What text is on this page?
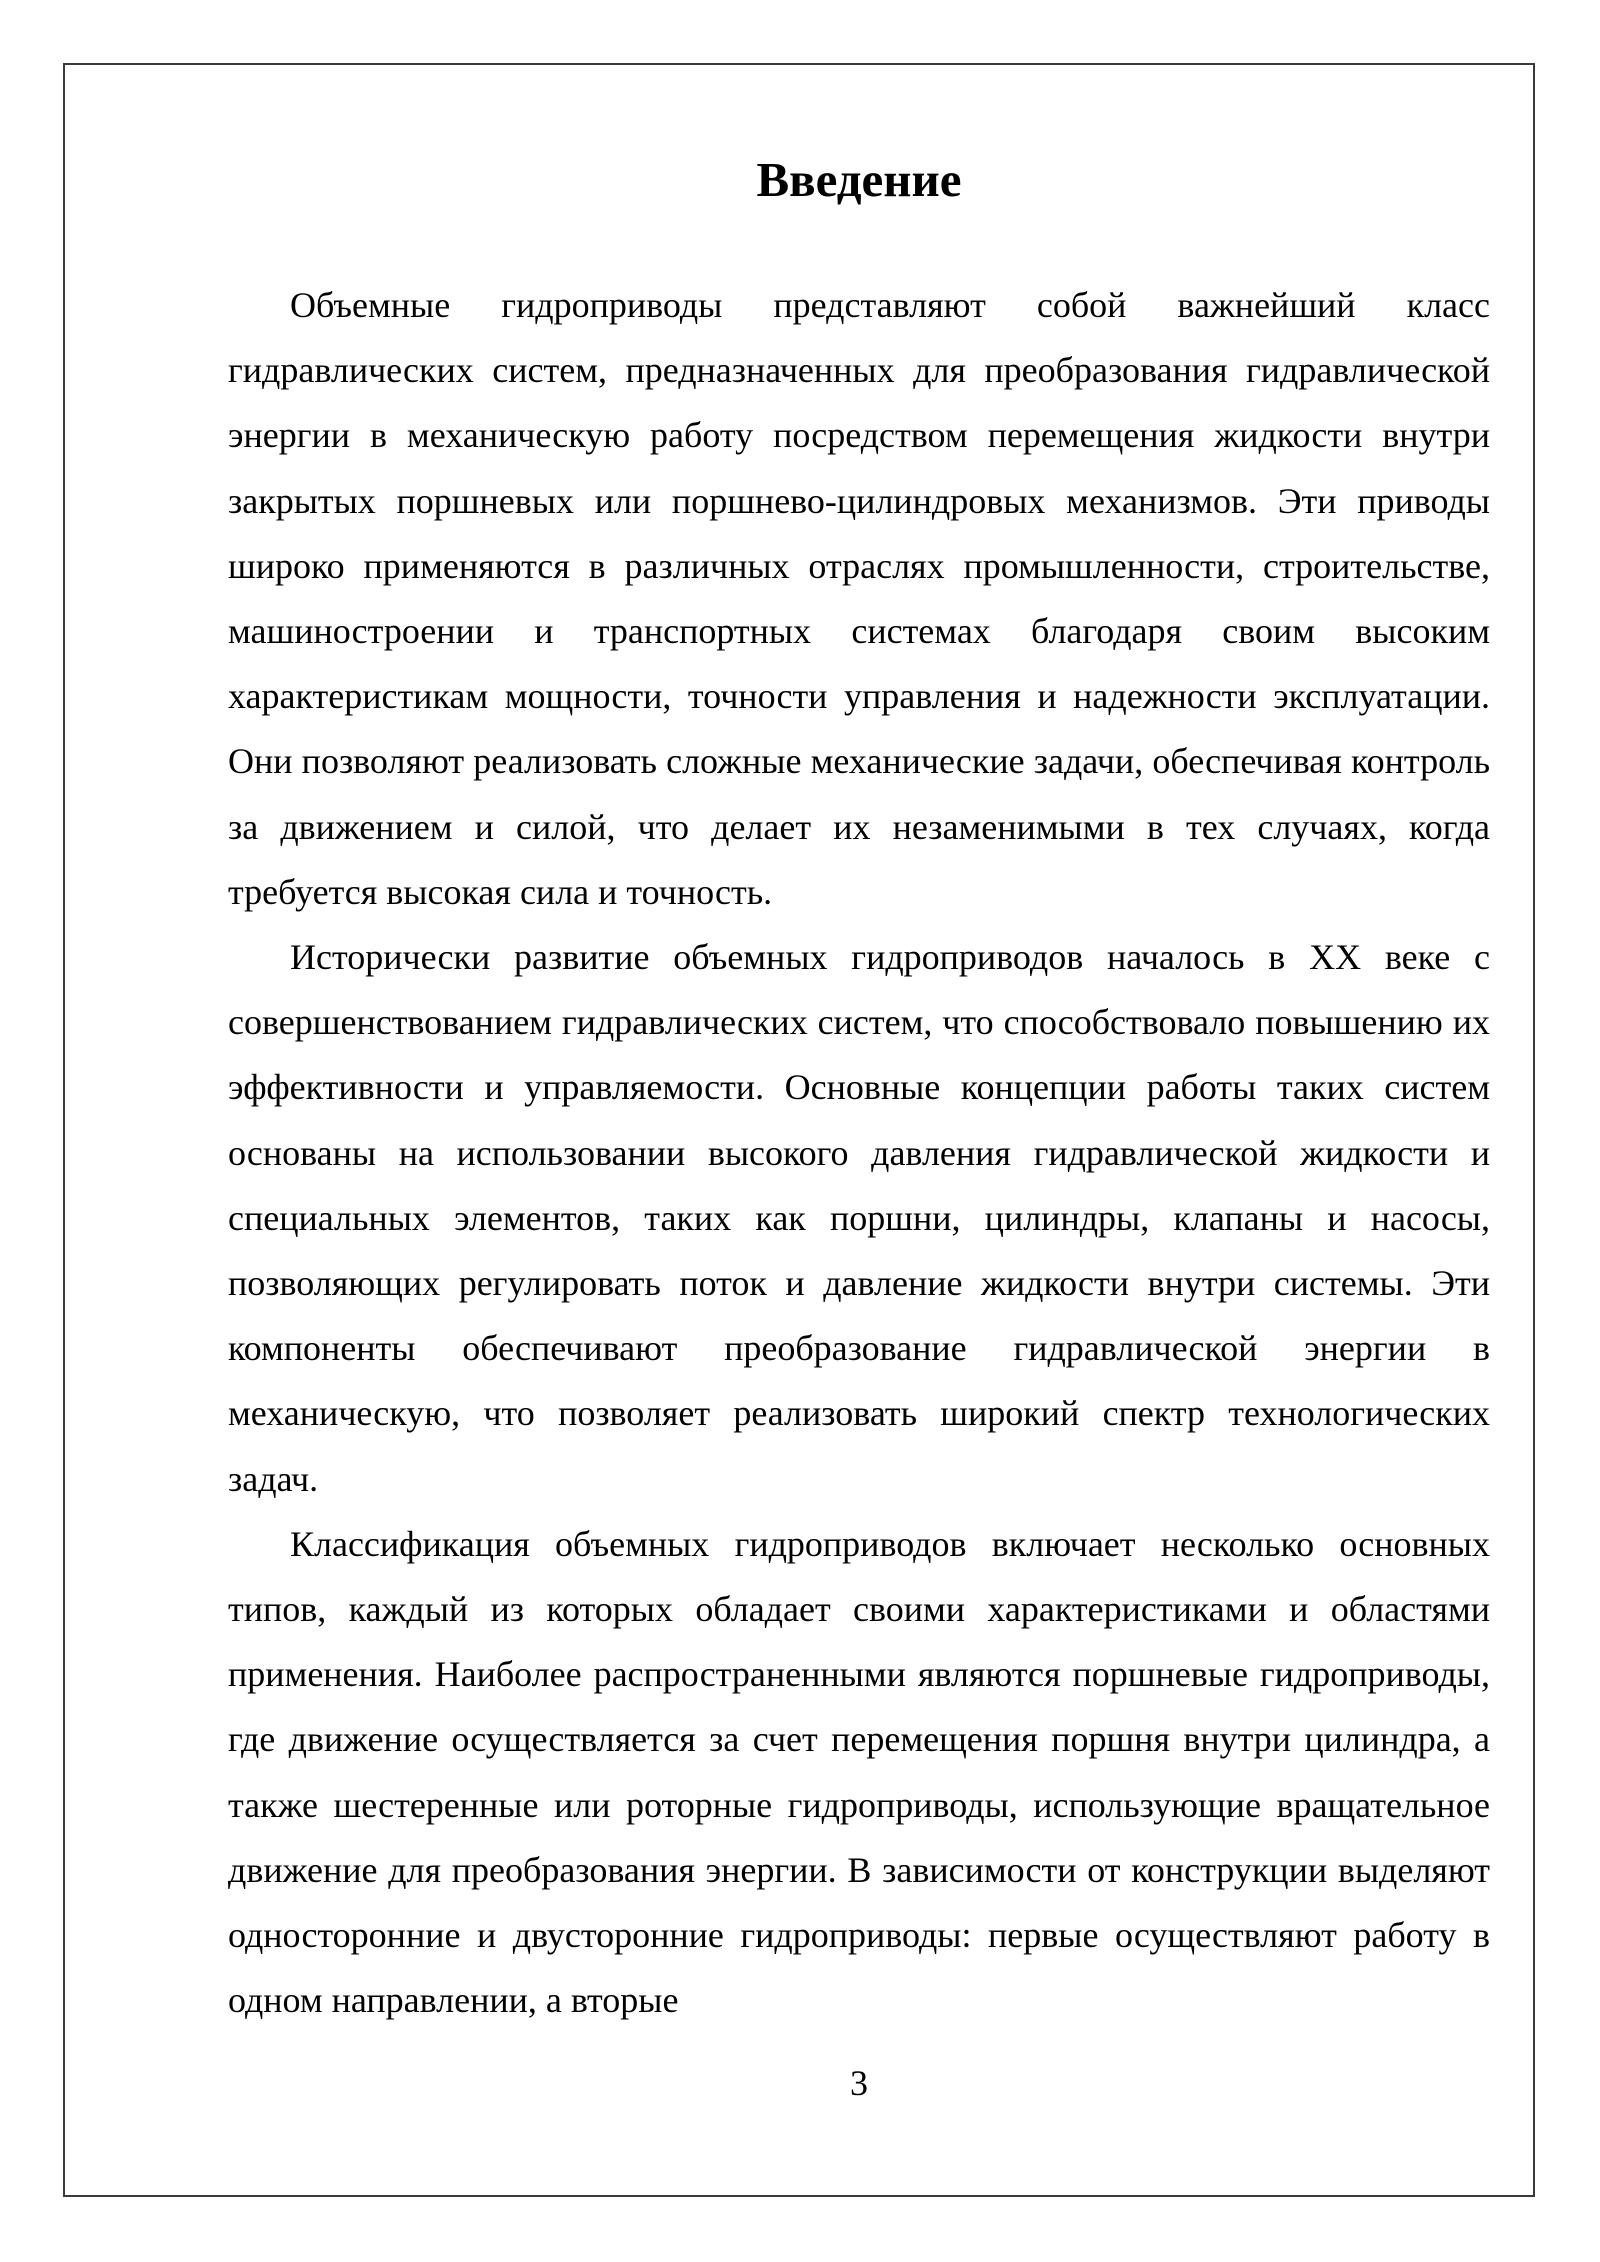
Введение

Объемные гидроприводы представляют собой важнейший класс гидравлических систем, предназначенных для преобразования гидравлической энергии в механическую работу посредством перемещения жидкости внутри закрытых поршневых или поршнево-цилиндровых механизмов. Эти приводы широко применяются в различных отраслях промышленности, строительстве, машиностроении и транспортных системах благодаря своим высоким характеристикам мощности, точности управления и надежности эксплуатации. Они позволяют реализовать сложные механические задачи, обеспечивая контроль за движением и силой, что делает их незаменимыми в тех случаях, когда требуется высокая сила и точность.

Исторически развитие объемных гидроприводов началось в XX веке с совершенствованием гидравлических систем, что способствовало повышению их эффективности и управляемости. Основные концепции работы таких систем основаны на использовании высокого давления гидравлической жидкости и специальных элементов, таких как поршни, цилиндры, клапаны и насосы, позволяющих регулировать поток и давление жидкости внутри системы. Эти компоненты обеспечивают преобразование гидравлической энергии в механическую, что позволяет реализовать широкий спектр технологических задач.

Классификация объемных гидроприводов включает несколько основных типов, каждый из которых обладает своими характеристиками и областями применения. Наиболее распространенными являются поршневые гидроприводы, где движение осуществляется за счет перемещения поршня внутри цилиндра, а также шестеренные или роторные гидроприводы, использующие вращательное движение для преобразования энергии. В зависимости от конструкции выделяют односторонние и двусторонние гидроприводы: первые осуществляют работу в одном направлении, а вторые

3
